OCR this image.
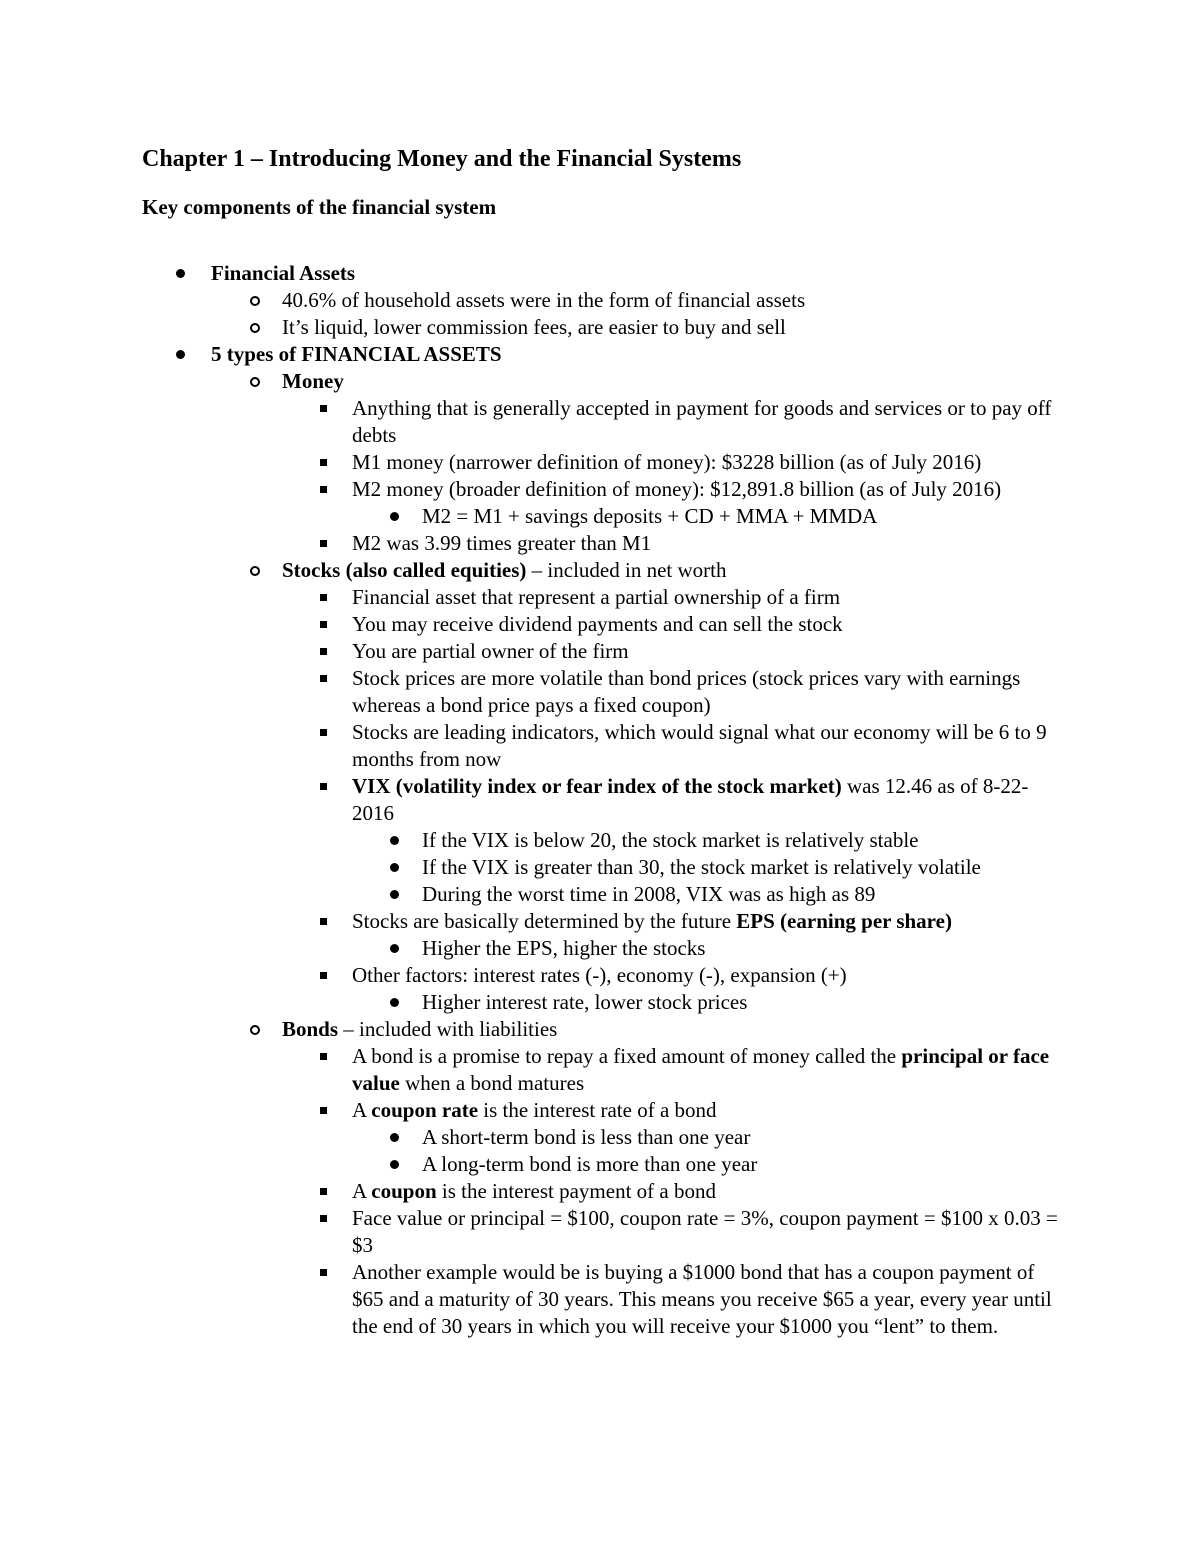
Chapter 1 – Introducing Money and the Financial Systems
Key components of the financial system
Financial Assets
40.6% of household assets were in the form of financial assets
It’s liquid, lower commission fees, are easier to buy and sell
5 types of FINANCIAL ASSETS
Money
Anything that is generally accepted in payment for goods and services or to pay off debts
M1 money (narrower definition of money): $3228 billion (as of July 2016)
M2 money (broader definition of money): $12,891.8 billion (as of July 2016)
M2 = M1 + savings deposits + CD + MMA + MMDA
M2 was 3.99 times greater than M1
Stocks (also called equities) – included in net worth
Financial asset that represent a partial ownership of a firm
You may receive dividend payments and can sell the stock
You are partial owner of the firm
Stock prices are more volatile than bond prices (stock prices vary with earnings whereas a bond price pays a fixed coupon)
Stocks are leading indicators, which would signal what our economy will be 6 to 9 months from now
VIX (volatility index or fear index of the stock market) was 12.46 as of 8-22-2016
If the VIX is below 20, the stock market is relatively stable
If the VIX is greater than 30, the stock market is relatively volatile
During the worst time in 2008, VIX was as high as 89
Stocks are basically determined by the future EPS (earning per share)
Higher the EPS, higher the stocks
Other factors: interest rates (-), economy (-), expansion (+)
Higher interest rate, lower stock prices
Bonds – included with liabilities
A bond is a promise to repay a fixed amount of money called the principal or face value when a bond matures
A coupon rate is the interest rate of a bond
A short-term bond is less than one year
A long-term bond is more than one year
A coupon is the interest payment of a bond
Face value or principal = $100, coupon rate = 3%, coupon payment = $100 x 0.03 = $3
Another example would be is buying a $1000 bond that has a coupon payment of $65 and a maturity of 30 years. This means you receive $65 a year, every year until the end of 30 years in which you will receive your $1000 you “lent” to them.
